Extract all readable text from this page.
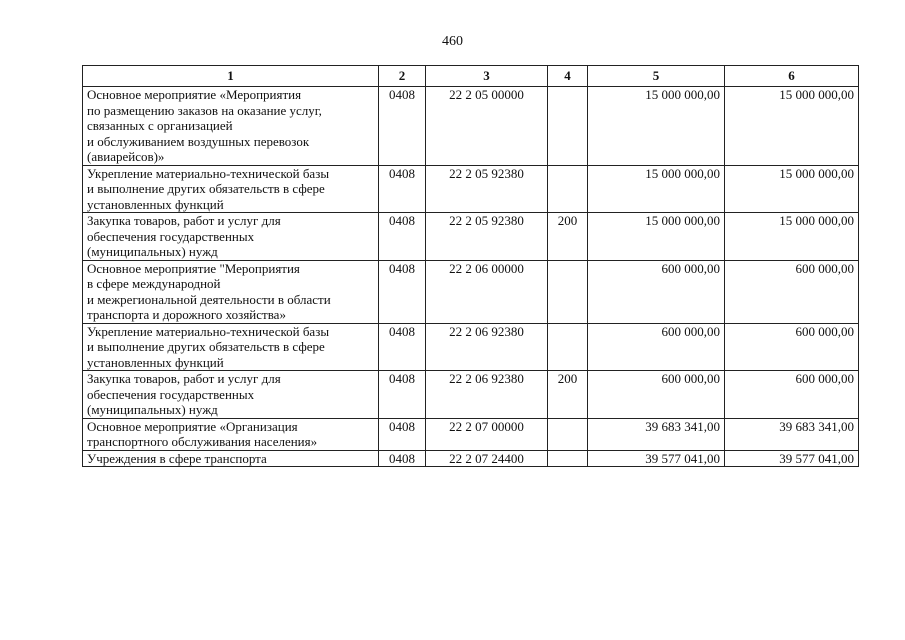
460
1	2	3	4	5	6
Основное мероприятие «Мероприятия
по размещению заказов на оказание услуг,
связанных с организацией
и обслуживанием воздушных перевозок
(авиарейсов)»	0408	22 2 05 00000		15 000 000,00	15 000 000,00
Укрепление материально-технической базы
и выполнение других обязательств в сфере
установленных функций	0408	22 2 05 92380		15 000 000,00	15 000 000,00
Закупка товаров, работ и услуг для
обеспечения государственных
(муниципальных) нужд	0408	22 2 05 92380	200	15 000 000,00	15 000 000,00
Основное мероприятие "Мероприятия
в сфере международной
и межрегиональной деятельности в области
транспорта и дорожного хозяйства»	0408	22 2 06 00000		600 000,00	600 000,00
Укрепление материально-технической базы
и выполнение других обязательств в сфере
установленных функций	0408	22 2 06 92380		600 000,00	600 000,00
Закупка товаров, работ и услуг для
обеспечения государственных
(муниципальных) нужд	0408	22 2 06 92380	200	600 000,00	600 000,00
Основное мероприятие «Организация
транспортного обслуживания населения»	0408	22 2 07 00000		39 683 341,00	39 683 341,00
Учреждения в сфере транспорта	0408	22 2 07 24400		39 577 041,00	39 577 041,00
